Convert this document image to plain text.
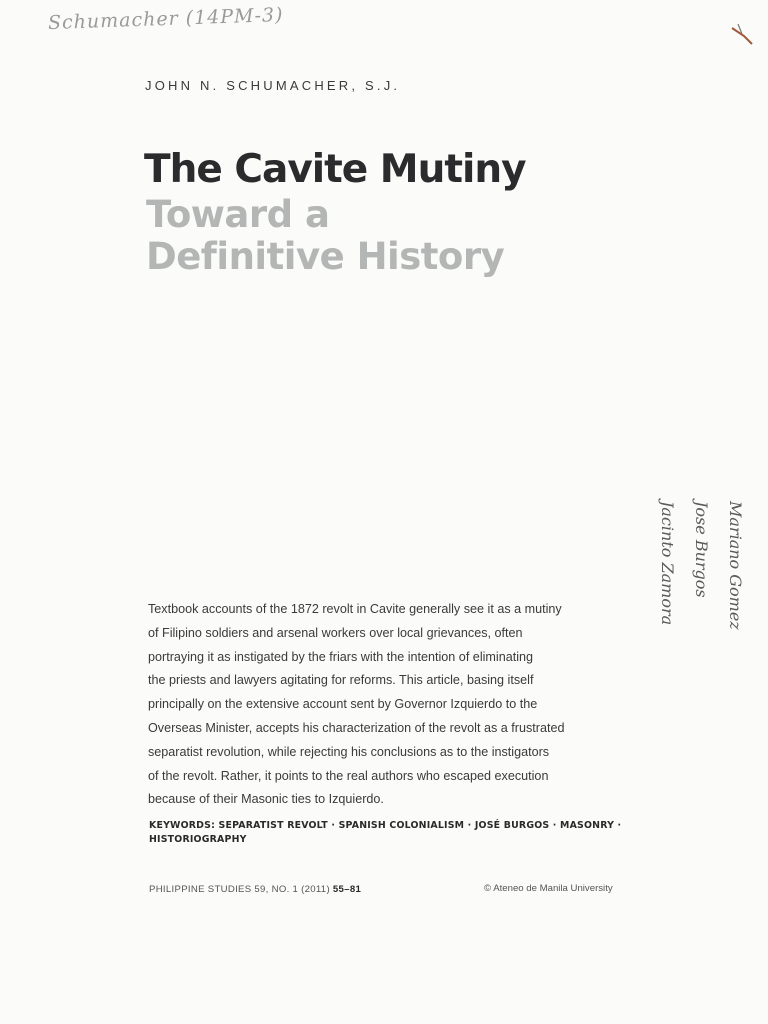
Schumacher (14PM-3)
JOHN N. SCHUMACHER, S.J.
The Cavite Mutiny
Toward a
Definitive History
Mariano Gomez
Jose Burgos
Jacinto Zamora
Textbook accounts of the 1872 revolt in Cavite generally see it as a mutiny
of Filipino soldiers and arsenal workers over local grievances, often
portraying it as instigated by the friars with the intention of eliminating
the priests and lawyers agitating for reforms. This article, basing itself
principally on the extensive account sent by Governor Izquierdo to the
Overseas Minister, accepts his characterization of the revolt as a frustrated
separatist revolution, while rejecting his conclusions as to the instigators
of the revolt. Rather, it points to the real authors who escaped execution
because of their Masonic ties to Izquierdo.
KEYWORDS: SEPARATIST REVOLT · SPANISH COLONIALISM · JOSÉ BURGOS · MASONRY · HISTORIOGRAPHY
PHILIPPINE STUDIES 59, NO. 1 (2011) 55–81	© Ateneo de Manila University
